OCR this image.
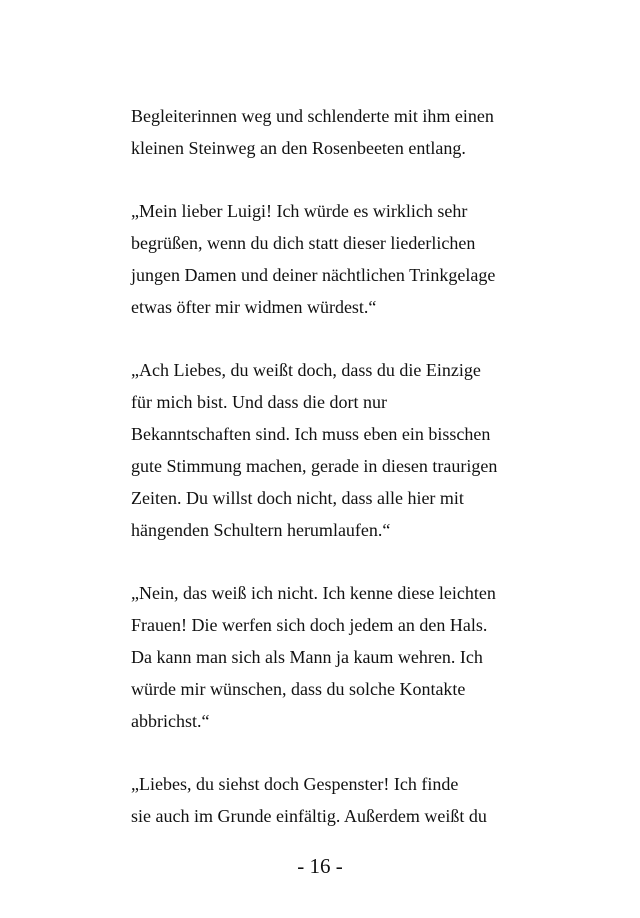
Begleiterinnen weg und schlenderte mit ihm einen
kleinen Steinweg an den Rosenbeeten entlang.

„Mein lieber Luigi! Ich würde es wirklich sehr
begrüßen, wenn du dich statt dieser liederlichen
jungen Damen und deiner nächtlichen Trinkgelage
etwas öfter mir widmen würdest.“

„Ach Liebes, du weißt doch, dass du die Einzige
für mich bist. Und dass die dort nur
Bekanntschaften sind. Ich muss eben ein bisschen
gute Stimmung machen, gerade in diesen traurigen
Zeiten. Du willst doch nicht, dass alle hier mit
hängenden Schultern herumlaufen.“

„Nein, das weiß ich nicht. Ich kenne diese leichten
Frauen! Die werfen sich doch jedem an den Hals.
Da kann man sich als Mann ja kaum wehren. Ich
würde mir wünschen, dass du solche Kontakte
abbrichst.“

„Liebes, du siehst doch Gespenster! Ich finde
sie auch im Grunde einfältig. Außerdem weißt du

- 16 -
